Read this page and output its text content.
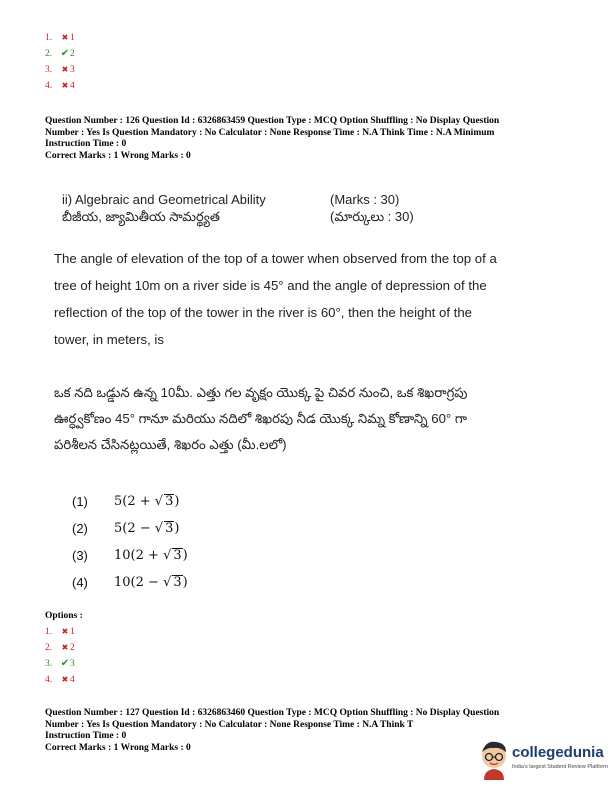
1.	✖ 1
2. ✔ 2
3.	✖ 3
4.	✖ 4
Question Number : 126 Question Id : 6326863459 Question Type : MCQ Option Shuffling : No Display Question
Number : Yes Is Question Mandatory : No Calculator : None Response Time : N.A Think Time : N.A Minimum
Instruction Time : 0
Correct Marks : 1 Wrong Marks : 0
ii) Algebraic and Geometrical Ability	(Marks : 30)
బీజీయ, జ్యామితీయ సామర్థ్యత	(మార్కులు : 30)
The angle of elevation of the top of a tower when observed from the top of a tree of height 10m on a river side is 45° and the angle of depression of the reflection of the top of the tower in the river is 60°, then the height of the tower, in meters, is
ఒక నది ఒడ్డున ఉన్న 10మీ. ఎత్తు గల వృక్షం యొక్క పై చివర నుంచి, ఒక శిఖరాగ్రపు ఊర్ధ్వకోణం 45° గానూ మరియు నదిలో శిఖరపు నీడ యొక్క నిమ్న కోణాన్ని 60° గా పరిశీలన చేసినట్లయితే, శిఖరం ఎత్తు (మీ.లలో)
(1)	5(2 + √ 3)
(2)	5(2 − √ 3)
(3)	10(2 + √ 3)
(4)	10(2 − √ 3)
Options :
1.	✖ 1
2.	✖ 2
3. ✔ 3
4.	✖ 4
Question Number : 127 Question Id : 6326863460 Question Type : MCQ Option Shuffling : No Display Question
Number : Yes Is Question Mandatory : No Calculator : None Response Time : N.A Think T
Instruction Time : 0
Correct Marks : 1 Wrong Marks : 0	collegedunia
India's largest Student Review Platform
